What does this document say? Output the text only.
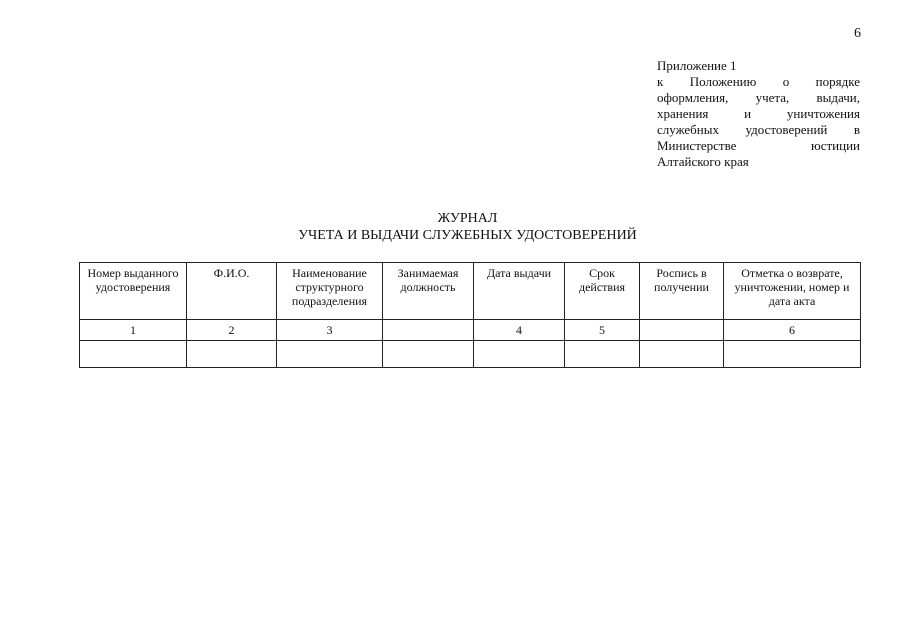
6
Приложение 1
к Положению о порядке
оформления, учета, выдачи,
хранения и уничтожения
служебных удостоверений в
Министерстве юстиции
Алтайского края
ЖУРНАЛ
УЧЕТА И ВЫДАЧИ СЛУЖЕБНЫХ УДОСТОВЕРЕНИЙ
Номер выданного удостоверения	Ф.И.О.	Наименование структурного подразделения	Занимаемая должность	Дата выдачи	Срок действия	Роспись в получении	Отметка о возврате, уничтожении, номер и дата акта
1	2	3		4	5		6
